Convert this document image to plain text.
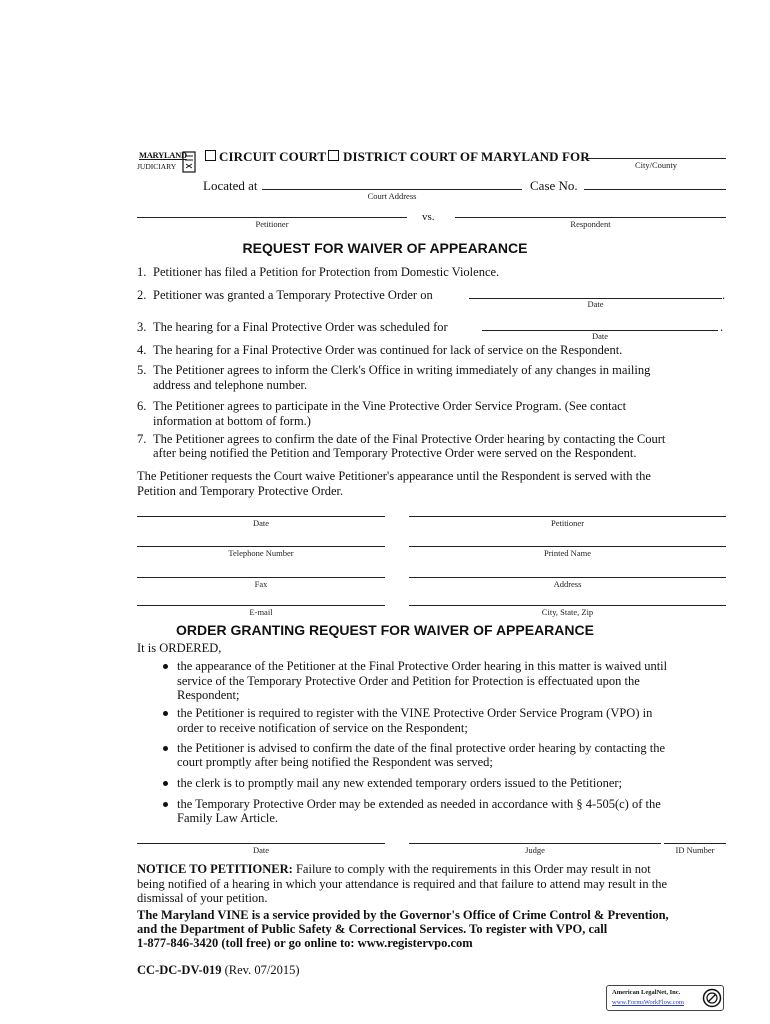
MARYLAND
JUDICIARY
CIRCUIT COURT DISTRICT COURT OF MARYLAND FOR
City/County
Located at
Court Address
Case No.
Petitioner
vs.
Respondent
REQUEST FOR WAIVER OF APPEARANCE
1. Petitioner has filed a Petition for Protection from Domestic Violence.
2. Petitioner was granted a Temporary Protective Order on	.
Date
3. The hearing for a Final Protective Order was scheduled for	.
Date
4. The hearing for a Final Protective Order was continued for lack of service on the Respondent.
5. The Petitioner agrees to inform the Clerk's Office in writing immediately of any changes in mailing
address and telephone number.
6. The Petitioner agrees to participate in the Vine Protective Order Service Program. (See contact
information at bottom of form.)
7. The Petitioner agrees to confirm the date of the Final Protective Order hearing by contacting the Court
after being notified the Petition and Temporary Protective Order were served on the Respondent.
The Petitioner requests the Court waive Petitioner's appearance until the Respondent is served with the
Petition and Temporary Protective Order.
Date	Petitioner
Telephone Number	Printed Name
Fax	Address
E-mail	City, State, Zip
ORDER GRANTING REQUEST FOR WAIVER OF APPEARANCE
It is ORDERED,
the appearance of the Petitioner at the Final Protective Order hearing in this matter is waived until
service of the Temporary Protective Order and Petition for Protection is effectuated upon the
Respondent;
the Petitioner is required to register with the VINE Protective Order Service Program (VPO) in
order to receive notification of service on the Respondent;
the Petitioner is advised to confirm the date of the final protective order hearing by contacting the
court promptly after being notified the Respondent was served;
the clerk is to promptly mail any new extended temporary orders issued to the Petitioner;
the Temporary Protective Order may be extended as needed in accordance with § 4-505(c) of the
Family Law Article.
Date	Judge	ID Number
NOTICE TO PETITIONER: Failure to comply with the requirements in this Order may result in not
being notified of a hearing in which your attendance is required and that failure to attend may result in the
dismissal of your petition.
The Maryland VINE is a service provided by the Governor's Office of Crime Control & Prevention,
and the Department of Public Safety & Correctional Services. To register with VPO, call
1-877-846-3420 (toll free) or go online to: www.registervpo.com
CC-DC-DV-019 (Rev. 07/2015)
American LegalNet, Inc.
www.FormsWorkFlow.com
